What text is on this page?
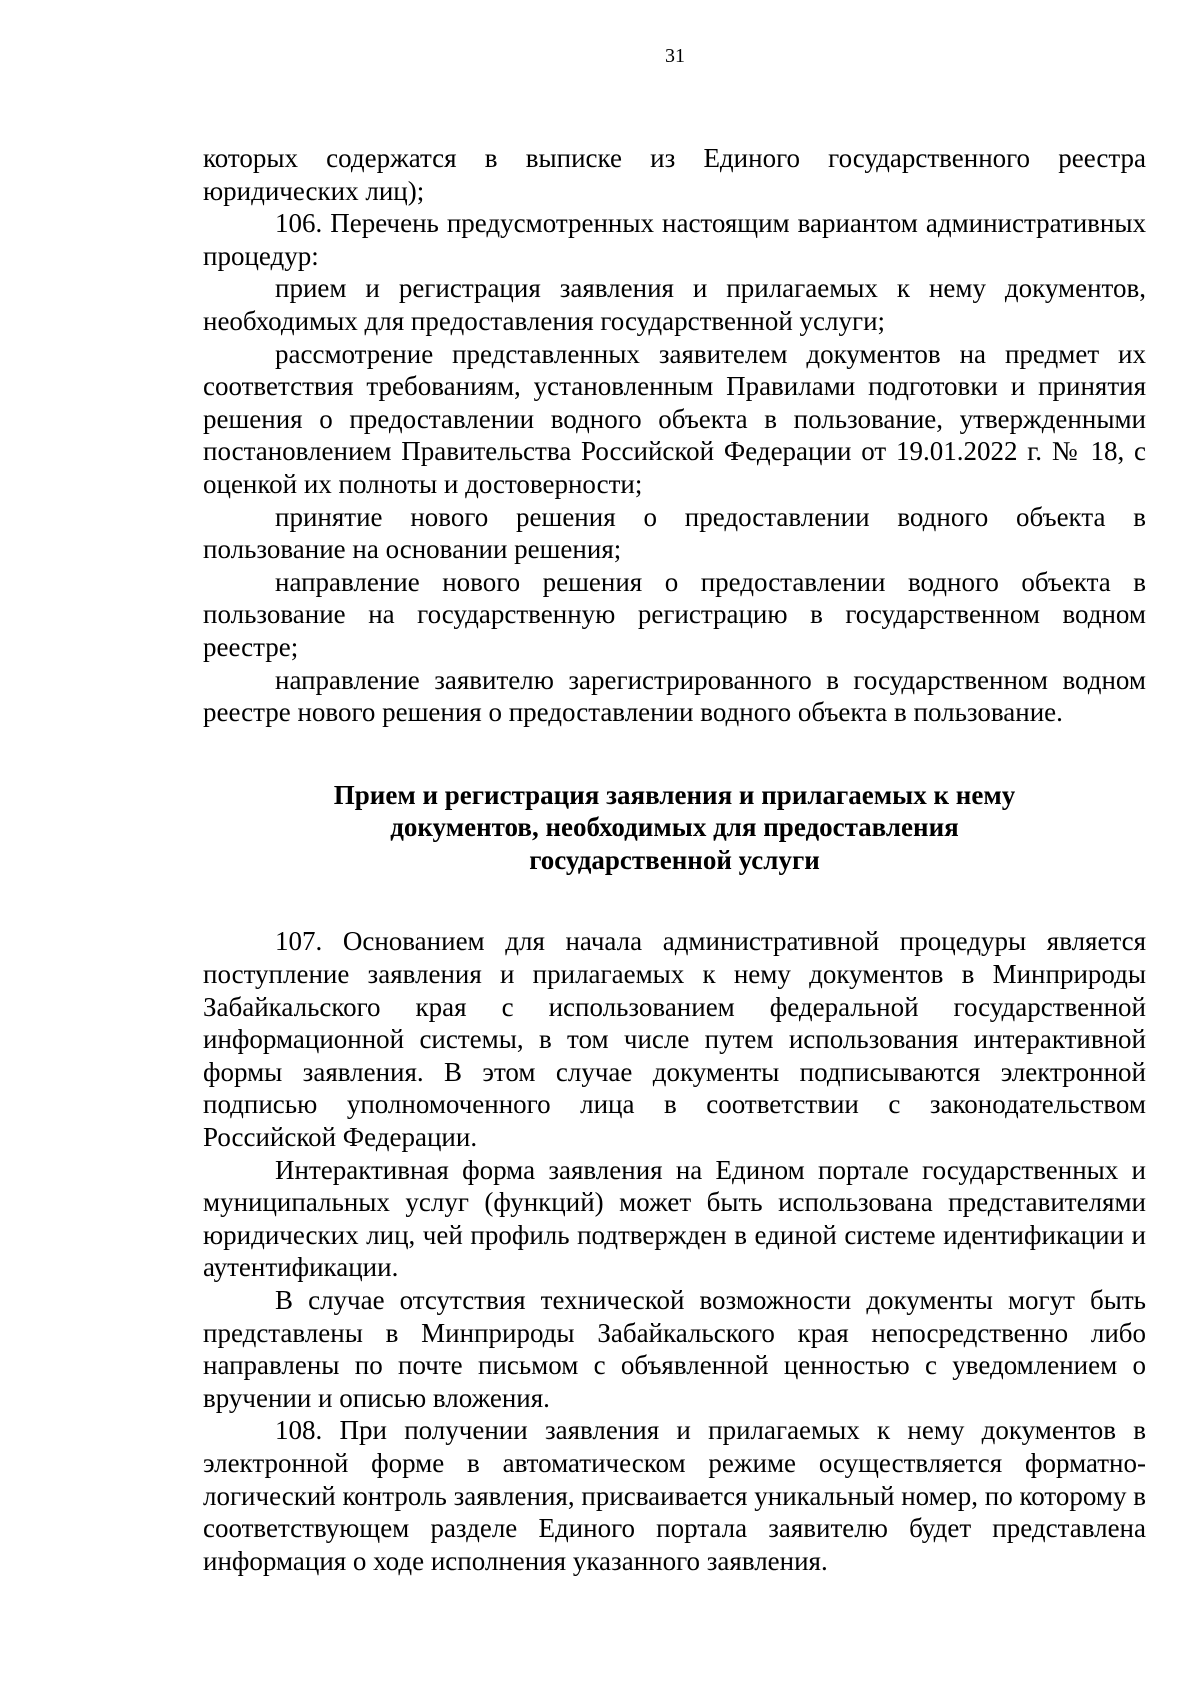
31

которых содержатся в выписке из Единого государственного реестра юридических лиц);

106. Перечень предусмотренных настоящим вариантом административных процедур:

прием и регистрация заявления и прилагаемых к нему документов, необходимых для предоставления государственной услуги;

рассмотрение представленных заявителем документов на предмет их соответствия требованиям, установленным Правилами подготовки и принятия решения о предоставлении водного объекта в пользование, утвержденными постановлением Правительства Российской Федерации от 19.01.2022 г. № 18, с оценкой их полноты и достоверности;

принятие нового решения о предоставлении водного объекта в пользование на основании решения;

направление нового решения о предоставлении водного объекта в пользование на государственную регистрацию в государственном водном реестре;

направление заявителю зарегистрированного в государственном водном реестре нового решения о предоставлении водного объекта в пользование.

Прием и регистрация заявления и прилагаемых к нему
документов, необходимых для предоставления
государственной услуги

107. Основанием для начала административной процедуры является поступление заявления и прилагаемых к нему документов в Минприроды Забайкальского края с использованием федеральной государственной информационной системы, в том числе путем использования интерактивной формы заявления. В этом случае документы подписываются электронной подписью уполномоченного лица в соответствии с законодательством Российской Федерации.

Интерактивная форма заявления на Едином портале государственных и муниципальных услуг (функций) может быть использована представителями юридических лиц, чей профиль подтвержден в единой системе идентификации и аутентификации.

В случае отсутствия технической возможности документы могут быть представлены в Минприроды Забайкальского края непосредственно либо направлены по почте письмом с объявленной ценностью с уведомлением о вручении и описью вложения.

108. При получении заявления и прилагаемых к нему документов в электронной форме в автоматическом режиме осуществляется форматно-логический контроль заявления, присваивается уникальный номер, по которому в соответствующем разделе Единого портала заявителю будет представлена информация о ходе исполнения указанного заявления.
